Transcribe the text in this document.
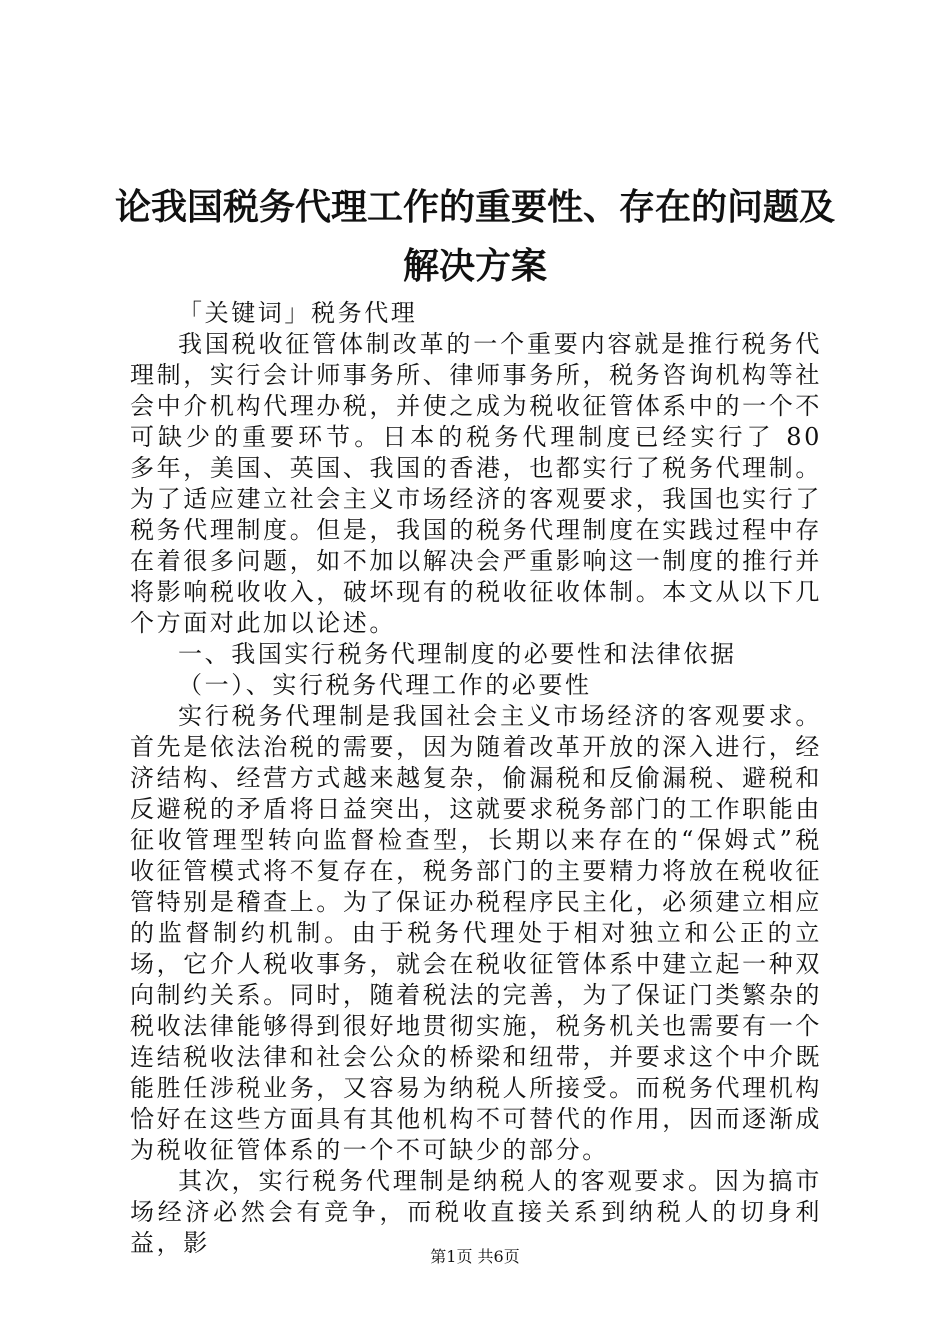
论我国税务代理工作的重要性、存在的问题及
解决方案

「关键词」税务代理

我国税收征管体制改革的一个重要内容就是推行税务代理制，实行会计师事务所、律师事务所，税务咨询机构等社会中介机构代理办税，并使之成为税收征管体系中的一个不可缺少的重要环节。日本的税务代理制度已经实行了 80 多年，美国、英国、我国的香港，也都实行了税务代理制。为了适应建立社会主义市场经济的客观要求，我国也实行了税务代理制度。但是，我国的税务代理制度在实践过程中存在着很多问题，如不加以解决会严重影响这一制度的推行并将影响税收收入，破坏现有的税收征收体制。本文从以下几个方面对此加以论述。

一、我国实行税务代理制度的必要性和法律依据

（一）、实行税务代理工作的必要性

实行税务代理制是我国社会主义市场经济的客观要求。首先是依法治税的需要，因为随着改革开放的深入进行，经济结构、经营方式越来越复杂，偷漏税和反偷漏税、避税和反避税的矛盾将日益突出，这就要求税务部门的工作职能由征收管理型转向监督检查型，长期以来存在的“保姆式”税收征管模式将不复存在，税务部门的主要精力将放在税收征管特别是稽查上。为了保证办税程序民主化，必须建立相应的监督制约机制。由于税务代理处于相对独立和公正的立场，它介人税收事务，就会在税收征管体系中建立起一种双向制约关系。同时，随着税法的完善，为了保证门类繁杂的税收法律能够得到很好地贯彻实施，税务机关也需要有一个连结税收法律和社会公众的桥梁和纽带，并要求这个中介既能胜任涉税业务，又容易为纳税人所接受。而税务代理机构恰好在这些方面具有其他机构不可替代的作用，因而逐渐成为税收征管体系的一个不可缺少的部分。

其次，实行税务代理制是纳税人的客观要求。因为搞市场经济必然会有竞争，而税收直接关系到纳税人的切身利益，影	第1页 共6页
